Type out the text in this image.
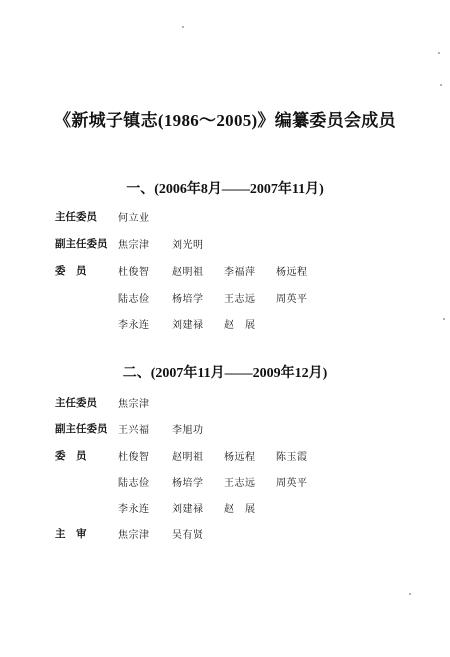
《新城子镇志(1986～2005)》编纂委员会成员
一、(2006年8月——2007年11月)
主任委员	何立业
副主任委员	焦宗津 刘光明
委　员	杜俊智 赵明祖 李福萍 杨远程
陆志俭 杨培学 王志远 周英平
李永连 刘建禄 赵　展
二、(2007年11月——2009年12月)
主任委员	焦宗津
副主任委员	王兴福 李旭功
委　员	杜俊智 赵明祖 杨远程 陈玉霞
陆志俭 杨培学 王志远 周英平
李永连 刘建禄 赵　展
主　审	焦宗津 吴有贤
